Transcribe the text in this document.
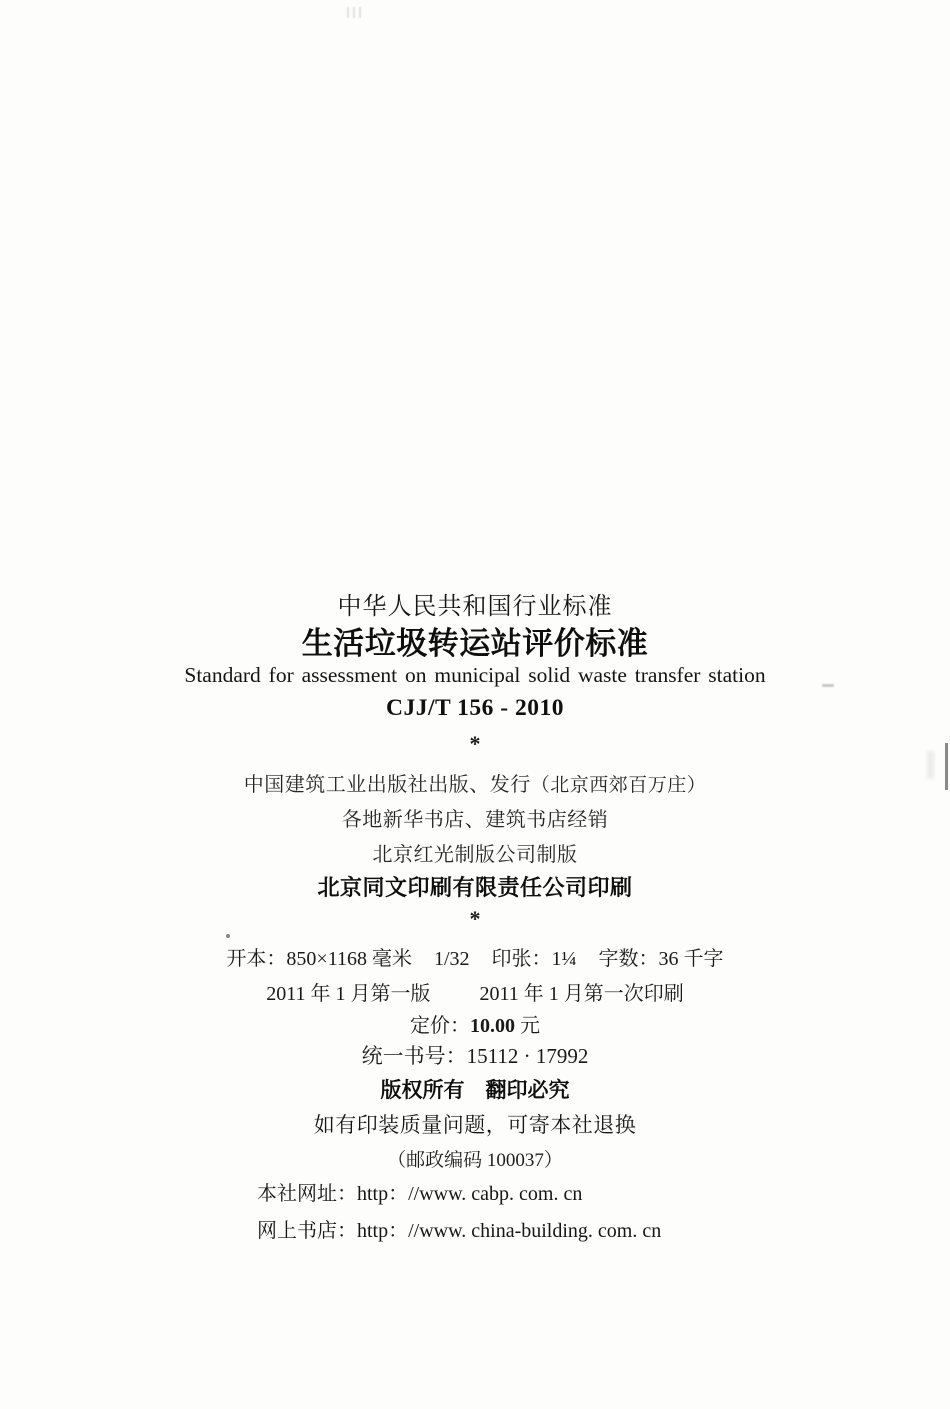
中华人民共和国行业标准
生活垃圾转运站评价标准
Standard for assessment on municipal solid waste transfer station
CJJ/T 156 - 2010
*
中国建筑工业出版社出版、发行（北京西郊百万庄）
各地新华书店、建筑书店经销
北京红光制版公司制版
北京同文印刷有限责任公司印刷
*
开本：850×1168 毫米 1/32 印张：1¼ 字数：36 千字
2011 年 1 月第一版 2011 年 1 月第一次印刷
定价：10.00 元
统一书号：15112 · 17992
版权所有　翻印必究
如有印装质量问题，可寄本社退换
（邮政编码 100037）
本社网址：http：//www. cabp. com. cn
网上书店：http：//www. china-building. com. cn
